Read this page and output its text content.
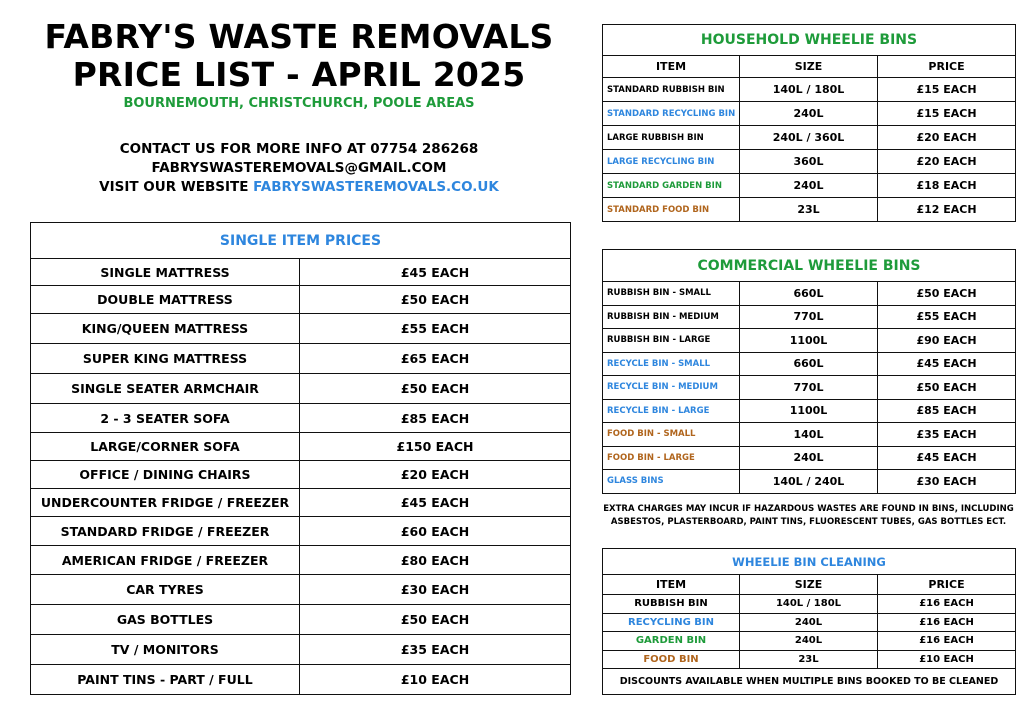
FABRY'S WASTE REMOVALS
PRICE LIST - APRIL 2025
BOURNEMOUTH, CHRISTCHURCH, POOLE AREAS
CONTACT US FOR MORE INFO AT 07754 286268
FABRYSWASTEREMOVALS@GMAIL.COM
VISIT OUR WEBSITE FABRYSWASTEREMOVALS.CO.UK
SINGLE ITEM PRICES	
SINGLE MATTRESS	£45 EACH
DOUBLE MATTRESS	£50 EACH
KING/QUEEN MATTRESS	£55 EACH
SUPER KING MATTRESS	£65 EACH
SINGLE SEATER ARMCHAIR	£50 EACH
2 - 3 SEATER SOFA	£85 EACH
LARGE/CORNER SOFA	£150 EACH
OFFICE / DINING CHAIRS	£20 EACH
UNDERCOUNTER FRIDGE / FREEZER	£45 EACH
STANDARD FRIDGE / FREEZER	£60 EACH
AMERICAN FRIDGE / FREEZER	£80 EACH
CAR TYRES	£30 EACH
GAS BOTTLES	£50 EACH
TV / MONITORS	£35 EACH
PAINT TINS - PART / FULL	£10 EACH
HOUSEHOLD WHEELIE BINS		
ITEM	SIZE	PRICE
STANDARD RUBBISH BIN	140L / 180L	£15 EACH
STANDARD RECYCLING BIN	240L	£15 EACH
LARGE RUBBISH BIN	240L / 360L	£20 EACH
LARGE RECYCLING BIN	360L	£20 EACH
STANDARD GARDEN BIN	240L	£18 EACH
STANDARD FOOD BIN	23L	£12 EACH
COMMERCIAL WHEELIE BINS		
RUBBISH BIN - SMALL	660L	£50 EACH
RUBBISH BIN - MEDIUM	770L	£55 EACH
RUBBISH BIN - LARGE	1100L	£90 EACH
RECYCLE BIN - SMALL	660L	£45 EACH
RECYCLE BIN - MEDIUM	770L	£50 EACH
RECYCLE BIN - LARGE	1100L	£85 EACH
FOOD BIN - SMALL	140L	£35 EACH
FOOD BIN - LARGE	240L	£45 EACH
GLASS BINS	140L / 240L	£30 EACH
EXTRA CHARGES MAY INCUR IF HAZARDOUS WASTES ARE FOUND IN BINS, INCLUDING
ASBESTOS, PLASTERBOARD, PAINT TINS, FLUORESCENT TUBES, GAS BOTTLES ECT.
WHEELIE BIN CLEANING		
ITEM	SIZE	PRICE
RUBBISH BIN	140L / 180L	£16 EACH
RECYCLING BIN	240L	£16 EACH
GARDEN BIN	240L	£16 EACH
FOOD BIN	23L	£10 EACH
DISCOUNTS AVAILABLE WHEN MULTIPLE BINS BOOKED TO BE CLEANED		
